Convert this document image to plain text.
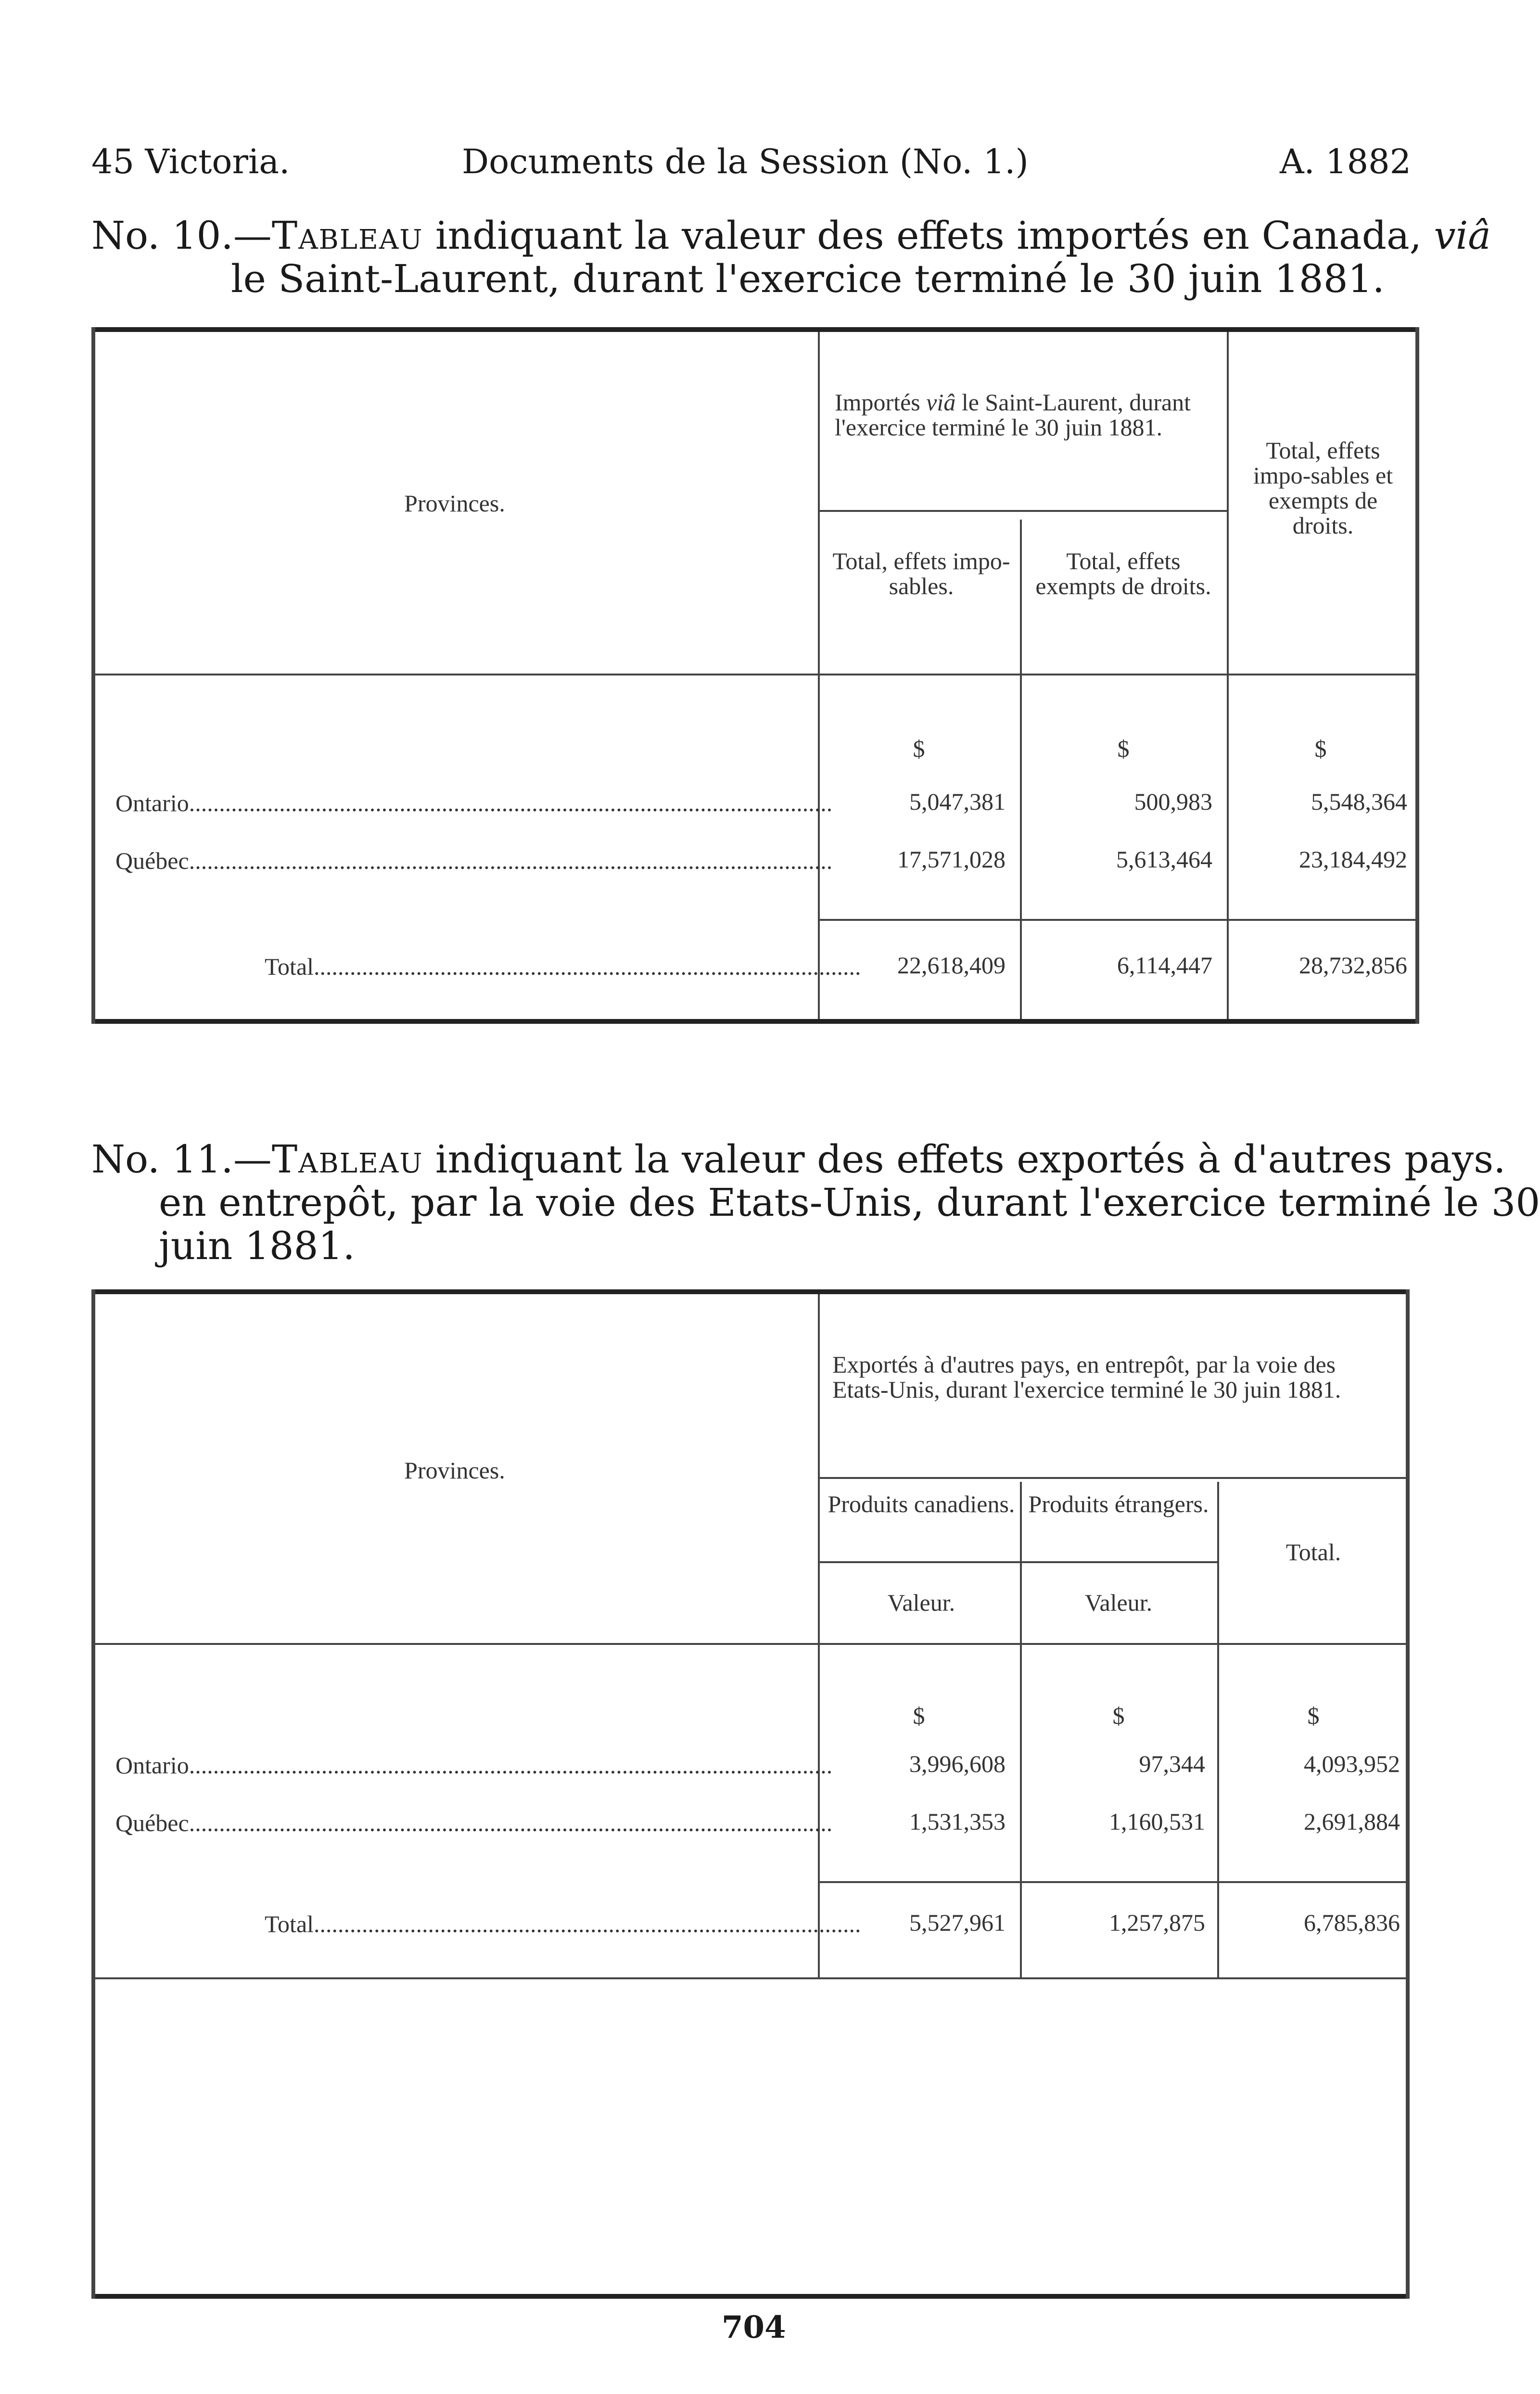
45 Victoria.	Documents de la Session (No. 1.)	A. 1882
No. 10.—Tableau indiquant la valeur des effets importés en Canada, viâ
le Saint-Laurent, durant l'exercice terminé le 30 juin 1881.
Provinces.
Importés viâ le Saint-Laurent, durant l'exercice terminé le 30 juin 1881.
Total, effets impo-sables.
Total, effets exempts de droits.
Total, effets impo-sables et exempts de droits.
$	$	$
Ontario...........................................................................................................	5,047,381	500,983	5,548,364
Québec...........................................................................................................	17,571,028	5,613,464	23,184,492
Total...........................................................................................	22,618,409	6,114,447	28,732,856
No. 11.—Tableau indiquant la valeur des effets exportés à d'autres pays.
en entrepôt, par la voie des Etats-Unis, durant l'exercice terminé le 30
juin 1881.
Provinces.
Exportés à d'autres pays, en entrepôt, par la voie des Etats-Unis, durant l'exercice terminé le 30 juin 1881.
Produits canadiens. Produits étrangers.
Total.
Valeur.	Valeur.
$	$	$
Ontario...........................................................................................................	3,996,608	97,344	4,093,952
Québec...........................................................................................................	1,531,353	1,160,531	2,691,884
Total...........................................................................................	5,527,961	1,257,875	6,785,836
704
